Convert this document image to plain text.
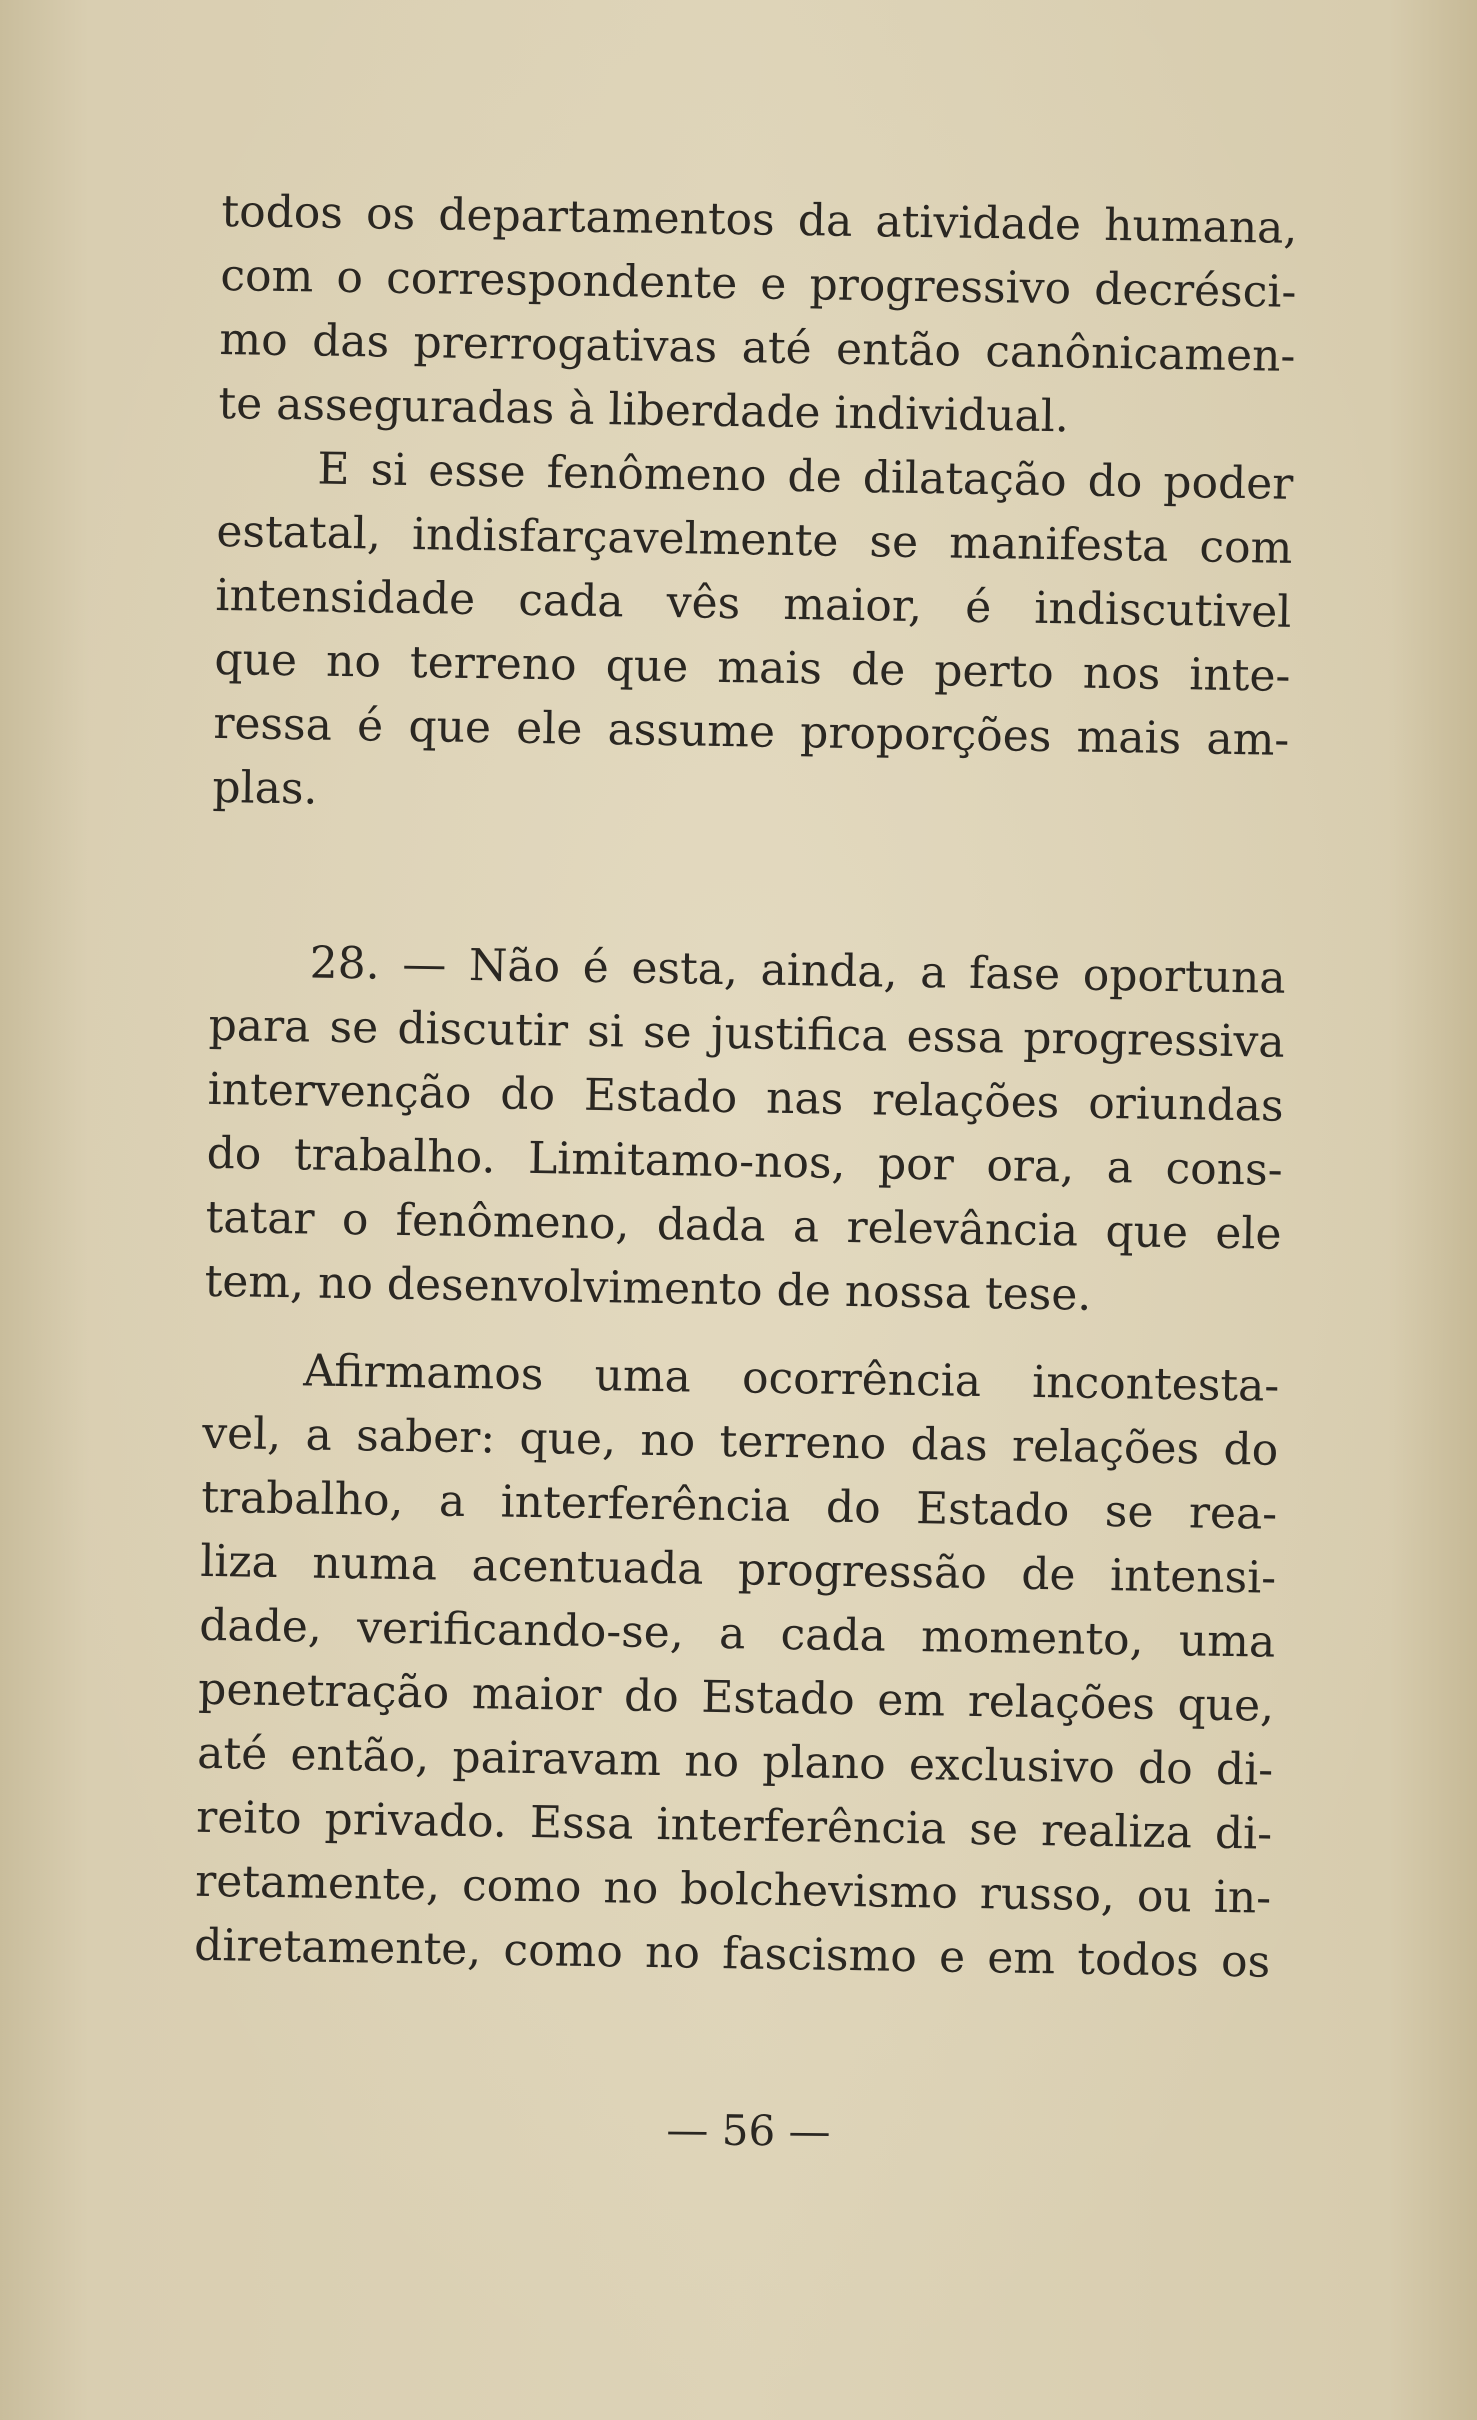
todos os departamentos da atividade humana,
com o correspondente e progressivo decrésci-
mo das prerrogativas até então canônicamen-
te asseguradas à liberdade individual.
E si esse fenômeno de dilatação do poder
estatal, indisfarçavelmente se manifesta com
intensidade cada vês maior, é indiscutivel
que no terreno que mais de perto nos inte-
ressa é que ele assume proporções mais am-
plas.
28. — Não é esta, ainda, a fase oportuna
para se discutir si se justifica essa progressiva
intervenção do Estado nas relações oriundas
do trabalho. Limitamo-nos, por ora, a cons-
tatar o fenômeno, dada a relevância que ele
tem, no desenvolvimento de nossa tese.
Afirmamos uma ocorrência incontesta-
vel, a saber: que, no terreno das relações do
trabalho, a interferência do Estado se rea-
liza numa acentuada progressão de intensi-
dade, verificando-se, a cada momento, uma
penetração maior do Estado em relações que,
até então, pairavam no plano exclusivo do di-
reito privado. Essa interferência se realiza di-
retamente, como no bolchevismo russo, ou in-
diretamente, como no fascismo e em todos os
— 56 —
